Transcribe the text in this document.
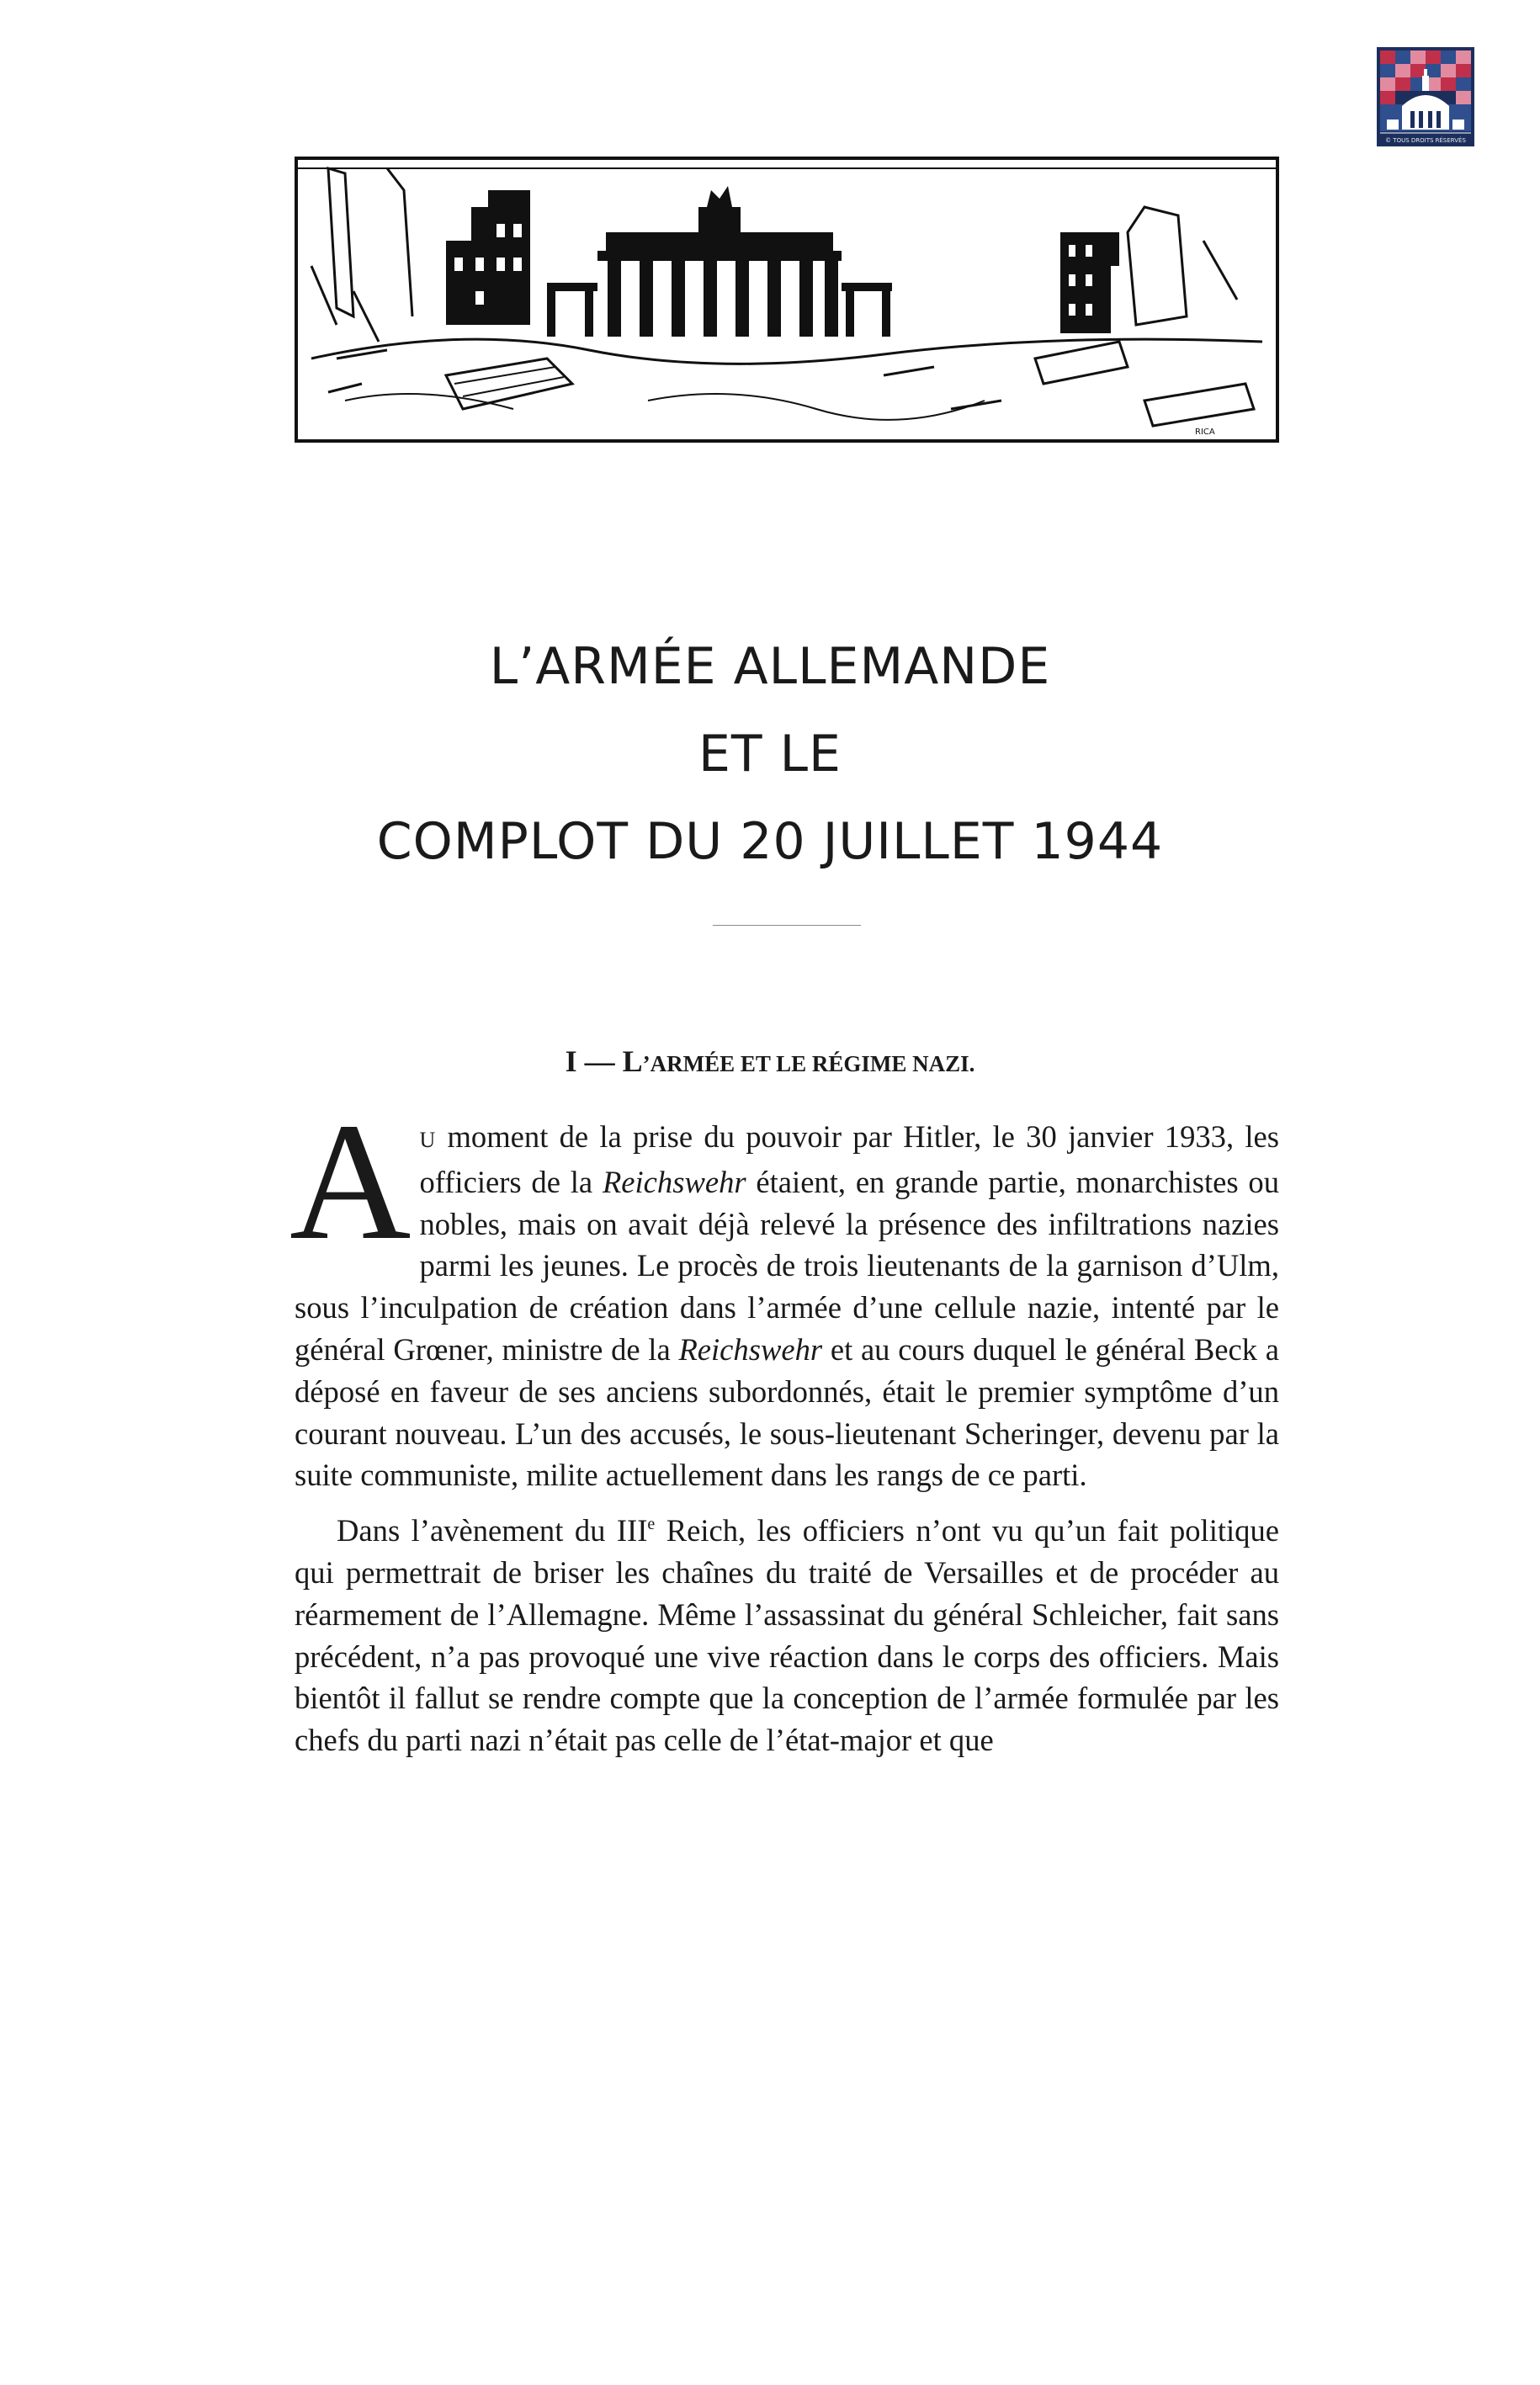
© TOUS DROITS RÉSERVÉS
RICA
L’ARMÉE ALLEMANDE
ET LE
COMPLOT DU 20 JUILLET 1944
I — L’ARMÉE ET LE RÉGIME NAZI.

A U moment de la prise du pouvoir par Hitler, le 30 janvier 1933, les officiers de la Reichswehr étaient, en grande partie, monarchistes ou nobles, mais on avait déjà relevé la présence des infiltrations nazies parmi les jeunes. Le procès de trois lieutenants de la garnison d’Ulm, sous l’inculpation de création dans l’armée d’une cellule nazie, intenté par le général Grœner, ministre de la Reichswehr et au cours duquel le général Beck a déposé en faveur de ses anciens subordonnés, était le premier symptôme d’un courant nouveau. L’un des accusés, le sous-lieutenant Scheringer, devenu par la suite communiste, milite actuellement dans les rangs de ce parti.

Dans l’avènement du IIIe Reich, les officiers n’ont vu qu’un fait politique qui permettrait de briser les chaînes du traité de Versailles et de procéder au réarmement de l’Allemagne. Même l’assassinat du général Schleicher, fait sans précédent, n’a pas provoqué une vive réaction dans le corps des officiers. Mais bientôt il fallut se rendre compte que la conception de l’armée formulée par les chefs du parti nazi n’était pas celle de l’état-major et que
